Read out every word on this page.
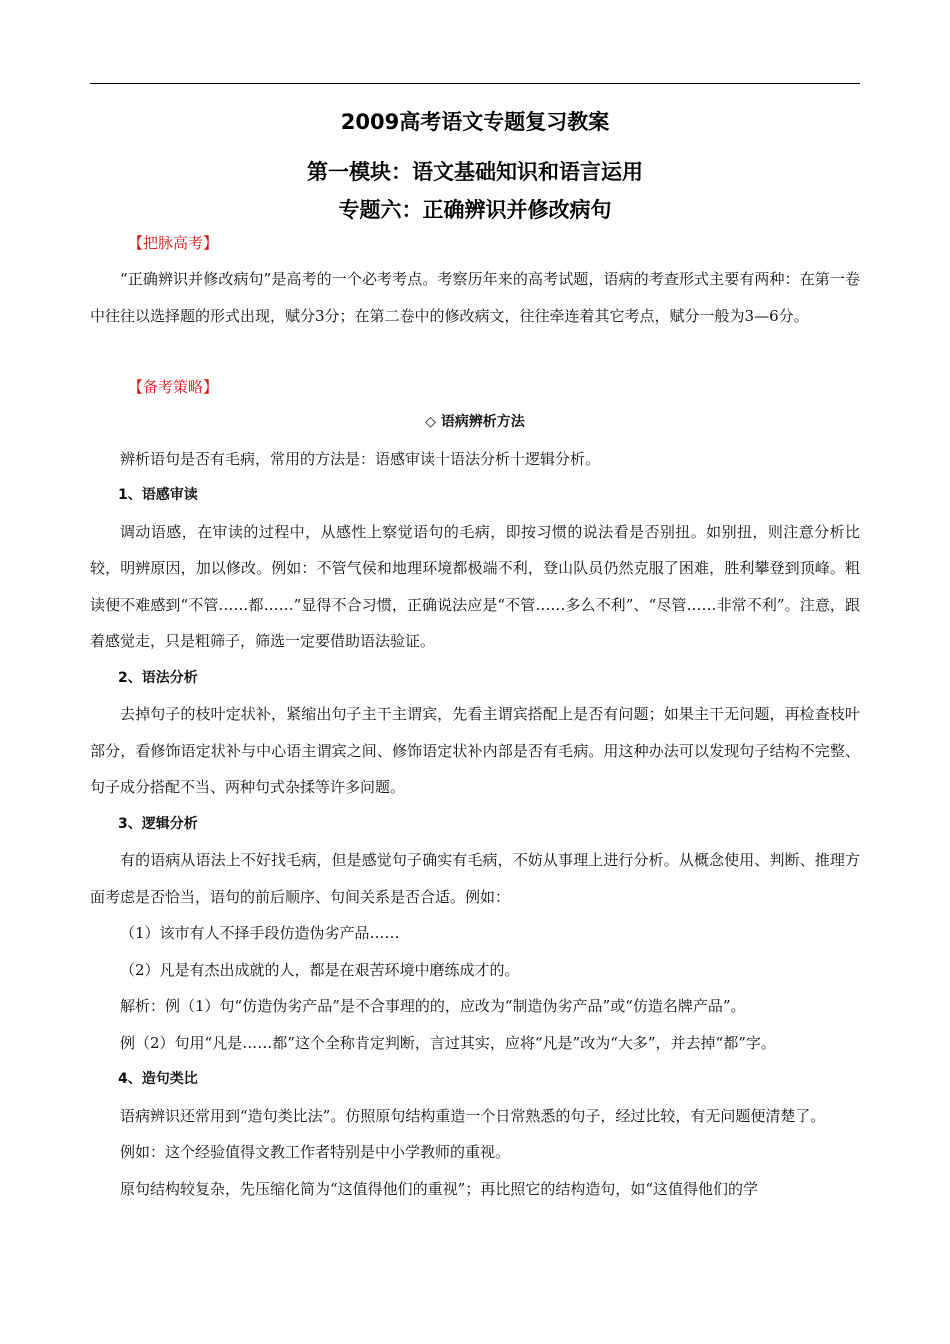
2009高考语文专题复习教案
第一模块：语文基础知识和语言运用
专题六：正确辨识并修改病句
【把脉高考】

“正确辨识并修改病句”是高考的一个必考考点。考察历年来的高考试题，语病的考查形式主要有两种：在第一卷中往往以选择题的形式出现，赋分3分；在第二卷中的修改病文，往往牵连着其它考点，赋分一般为3—6分。

【备考策略】

◇ 语病辨析方法

辨析语句是否有毛病，常用的方法是：语感审读十语法分析十逻辑分析。

1、语感审读

调动语感，在审读的过程中，从感性上察觉语句的毛病，即按习惯的说法看是否别扭。如别扭，则注意分析比较，明辨原因，加以修改。例如：不管气侯和地理环境都极端不利，登山队员仍然克服了困难，胜利攀登到顶峰。粗读便不难感到“不管……都……”显得不合习惯，正确说法应是“不管……多么不利”、“尽管……非常不利”。注意，跟着感觉走，只是粗筛子，筛选一定要借助语法验证。

2、语法分析

去掉句子的枝叶定状补，紧缩出句子主干主谓宾，先看主谓宾搭配上是否有问题；如果主干无问题，再检查枝叶部分，看修饰语定状补与中心语主谓宾之间、修饰语定状补内部是否有毛病。用这种办法可以发现句子结构不完整、句子成分搭配不当、两种句式杂揉等许多问题。

3、逻辑分析

有的语病从语法上不好找毛病，但是感觉句子确实有毛病，不妨从事理上进行分析。从概念使用、判断、推理方面考虑是否恰当，语句的前后顺序、句间关系是否合适。例如：

（1）该市有人不择手段仿造伪劣产品……

（2）凡是有杰出成就的人，都是在艰苦环境中磨练成才的。

解析：例（1）句“仿造伪劣产品”是不合事理的的，应改为“制造伪劣产品”或“仿造名牌产品”。

例（2）句用“凡是……都”这个全称肯定判断，言过其实，应将“凡是”改为“大多”，并去掉“都”字。

4、造句类比

语病辨识还常用到“造句类比法”。仿照原句结构重造一个日常熟悉的句子，经过比较，有无问题便清楚了。

例如：这个经验值得文教工作者特别是中小学教师的重视。

原句结构较复杂，先压缩化简为“这值得他们的重视”；再比照它的结构造句，如“这值得他们的学
